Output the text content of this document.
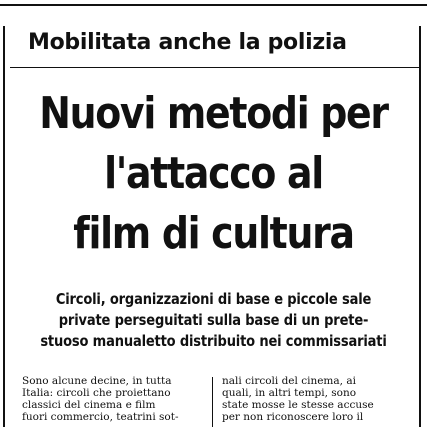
Mobilitata anche la polizia
Nuovi metodi per
l'attacco al
film di cultura
Circoli, organizzazioni di base e piccole sale
private perseguitati sulla base di un prete-
stuoso manualetto distribuito nei commissariati
Sono alcune decine, in tutta
Italia: circoli che proiettano
classici del cinema e film
fuori commercio, teatrini sot-
nali circoli del cinema, ai
quali, in altri tempi, sono
state mosse le stesse accuse
per non riconoscere loro il
